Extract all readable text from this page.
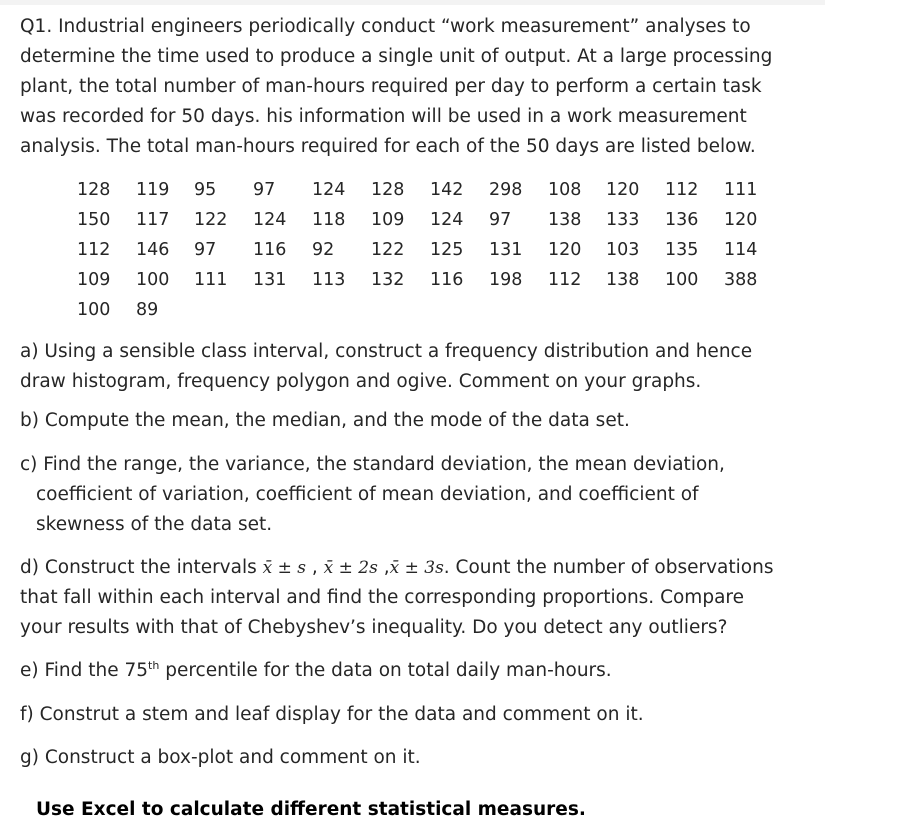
Q1. Industrial engineers periodically conduct “work measurement” analyses to
determine the time used to produce a single unit of output. At a large processing
plant, the total number of man-hours required per day to perform a certain task
was recorded for 50 days. his information will be used in a work measurement
analysis. The total man-hours required for each of the 50 days are listed below.
128	119	95	97	124	128	142	298	108	120	112	111
150	117	122	124	118	109	124	97	138	133	136	120
112	146	97	116	92	122	125	131	120	103	135	114
109	100	111	131	113	132	116	198	112	138	100	388
100	89										
a) Using a sensible class interval, construct a frequency distribution and hence
draw histogram, frequency polygon and ogive. Comment on your graphs.
b) Compute the mean, the median, and the mode of the data set.
c) Find the range, the variance, the standard deviation, the mean deviation,
coefficient of variation, coefficient of mean deviation, and coefficient of
skewness of the data set.
d) Construct the intervals x̄ ± s , x̄ ± 2s ,x̄ ± 3s. Count the number of observations
that fall within each interval and find the corresponding proportions. Compare
your results with that of Chebyshev’s inequality. Do you detect any outliers?
e) Find the 75th percentile for the data on total daily man-hours.
f) Construt a stem and leaf display for the data and comment on it.
g) Construct a box-plot and comment on it.
Use Excel to calculate different statistical measures.
